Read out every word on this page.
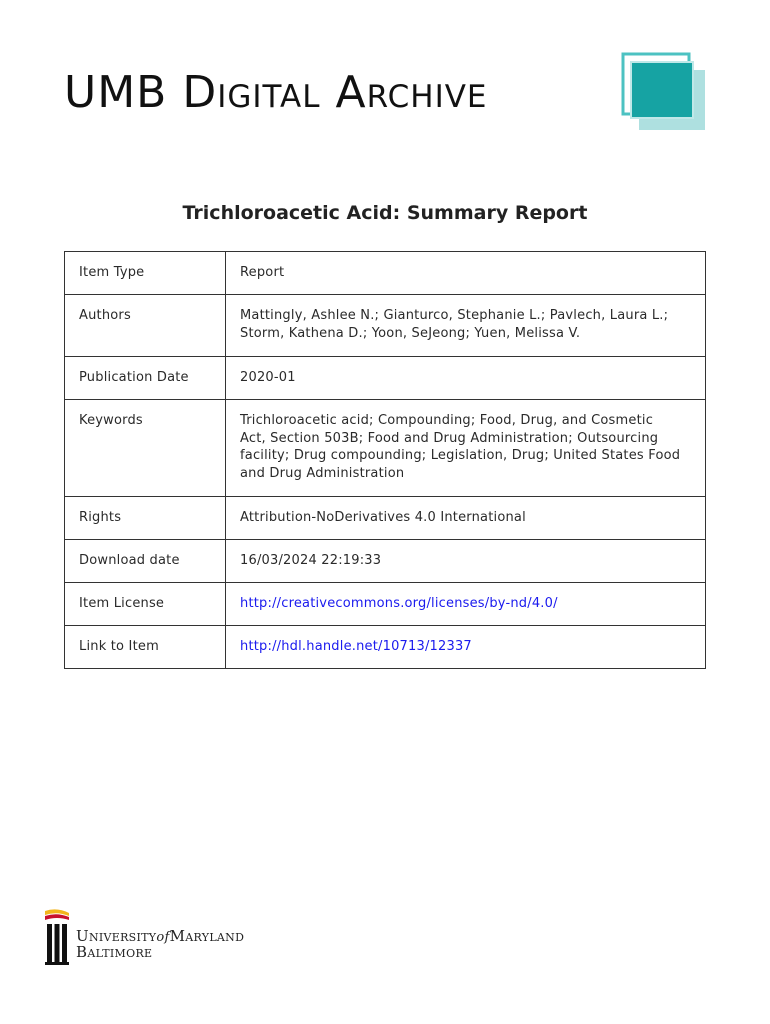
UMB Digital Archive
Trichloroacetic Acid: Summary Report
Item Type	Report
Authors	Mattingly, Ashlee N.; Gianturco, Stephanie L.; Pavlech, Laura L.;
Storm, Kathena D.; Yoon, SeJeong; Yuen, Melissa V.

Publication Date	2020-01
Keywords	Trichloroacetic acid; Compounding; Food, Drug, and Cosmetic
Act, Section 503B; Food and Drug Administration; Outsourcing
facility; Drug compounding; Legislation, Drug; United States Food
and Drug Administration

Rights	Attribution-NoDerivatives 4.0 International
Download date	16/03/2024 22:19:33
Item License	http://creativecommons.org/licenses/by-nd/4.0/
Link to Item	http://hdl.handle.net/10713/12337
UniversityofMaryland
Baltimore
